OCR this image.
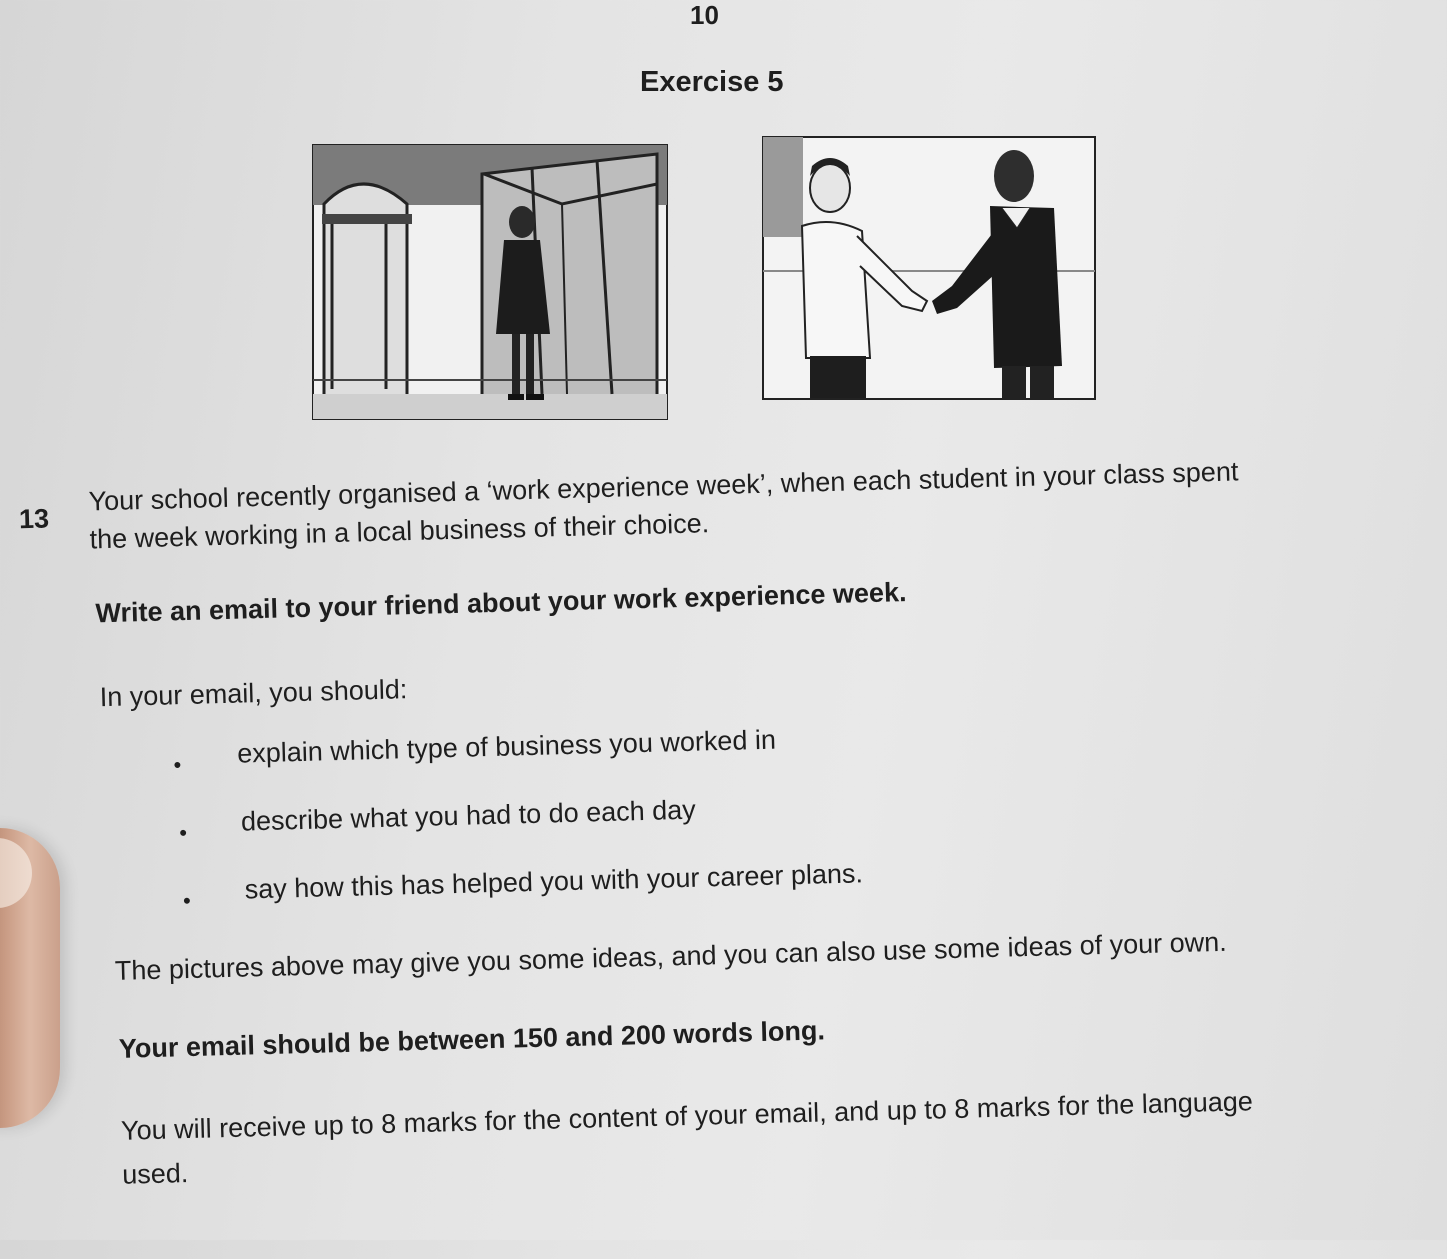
10
Exercise 5
13
Your school recently organised a ‘work experience week’, when each student in your class spent
the week working in a local business of their choice.
Write an email to your friend about your work experience week.
In your email, you should:
• explain which type of business you worked in
• describe what you had to do each day
• say how this has helped you with your career plans.
The pictures above may give you some ideas, and you can also use some ideas of your own.
Your email should be between 150 and 200 words long.
You will receive up to 8 marks for the content of your email, and up to 8 marks for the language
used.
